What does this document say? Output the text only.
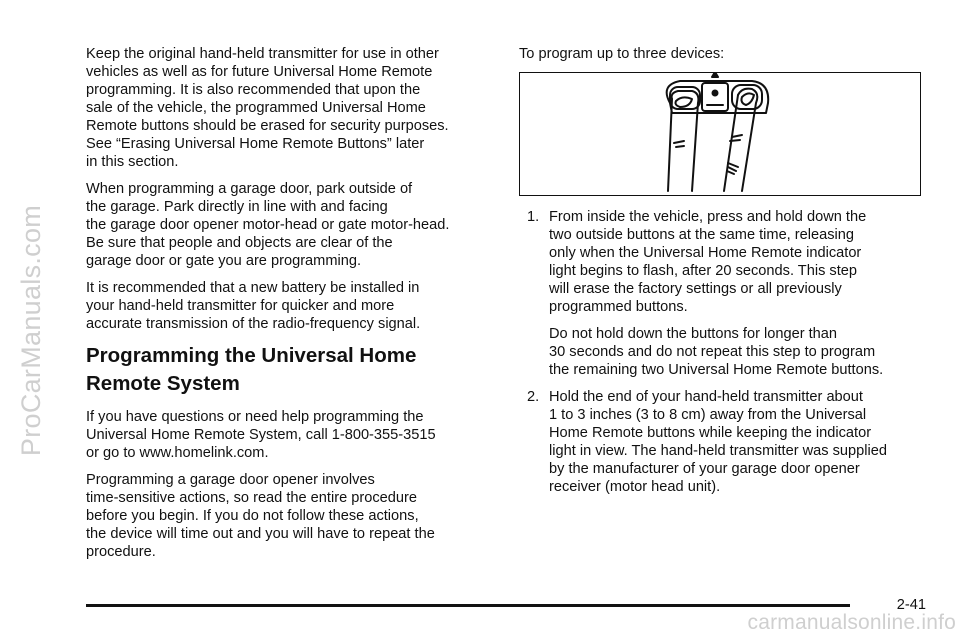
ProCarManuals.com

Keep the original hand-held transmitter for use in other
vehicles as well as for future Universal Home Remote
programming. It is also recommended that upon the
sale of the vehicle, the programmed Universal Home
Remote buttons should be erased for security purposes.
See “Erasing Universal Home Remote Buttons” later
in this section.

When programming a garage door, park outside of
the garage. Park directly in line with and facing
the garage door opener motor-head or gate motor-head.
Be sure that people and objects are clear of the
garage door or gate you are programming.

It is recommended that a new battery be installed in
your hand-held transmitter for quicker and more
accurate transmission of the radio-frequency signal.

Programming the Universal Home
Remote System

If you have questions or need help programming the
Universal Home Remote System, call 1-800-355-3515
or go to www.homelink.com.

Programming a garage door opener involves
time-sensitive actions, so read the entire procedure
before you begin. If you do not follow these actions,
the device will time out and you will have to repeat the
procedure.

To program up to three devices:

1. From inside the vehicle, press and hold down the
two outside buttons at the same time, releasing
only when the Universal Home Remote indicator
light begins to flash, after 20 seconds. This step
will erase the factory settings or all previously
programmed buttons.

Do not hold down the buttons for longer than
30 seconds and do not repeat this step to program
the remaining two Universal Home Remote buttons.

2. Hold the end of your hand-held transmitter about
1 to 3 inches (3 to 8 cm) away from the Universal
Home Remote buttons while keeping the indicator
light in view. The hand-held transmitter was supplied
by the manufacturer of your garage door opener
receiver (motor head unit).

2-41
carmanualsonline.info
